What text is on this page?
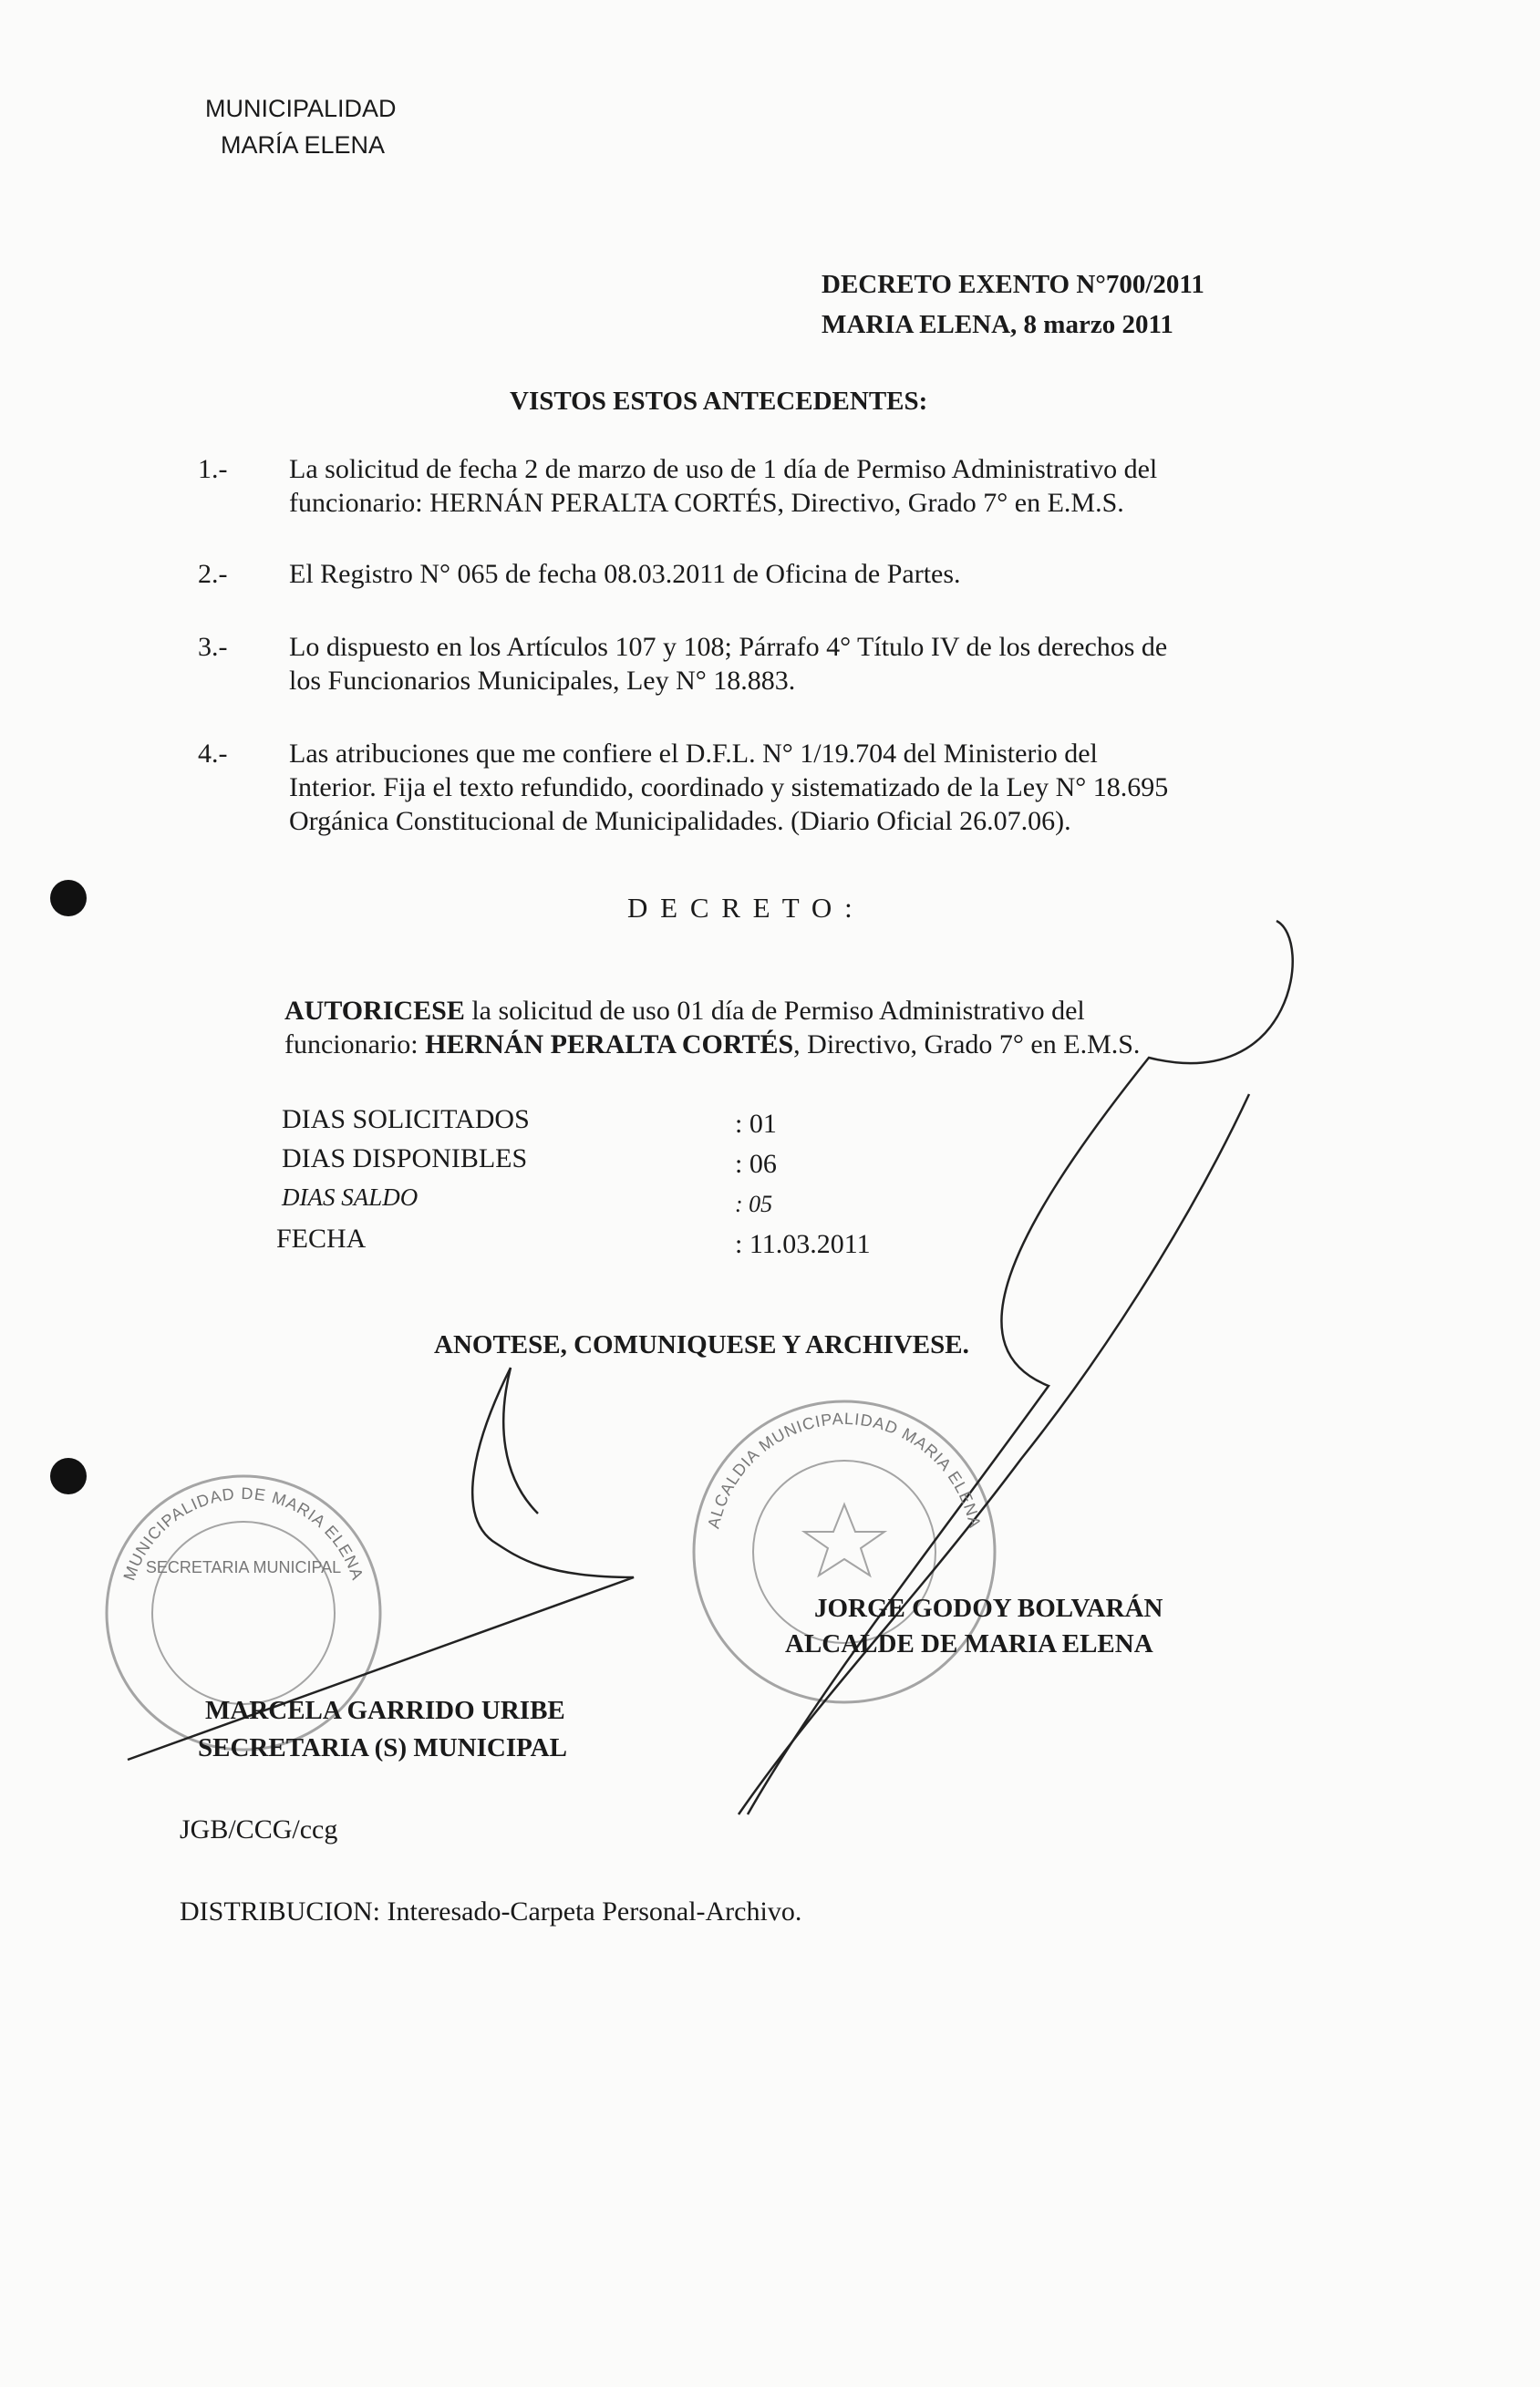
MUNICIPALIDAD
MARÍA ELENA
DECRETO EXENTO N°700/2011
MARIA ELENA, 8 marzo 2011
VISTOS ESTOS ANTECEDENTES:
1.- La solicitud de fecha 2 de marzo de uso de 1 día de Permiso Administrativo del
funcionario: HERNÁN PERALTA CORTÉS, Directivo, Grado 7° en E.M.S.
2.- El Registro N° 065 de fecha 08.03.2011 de Oficina de Partes.
3.- Lo dispuesto en los Artículos 107 y 108; Párrafo 4° Título IV de los derechos de
los Funcionarios Municipales, Ley N° 18.883.
4.- Las atribuciones que me confiere el D.F.L. N° 1/19.704 del Ministerio del
Interior. Fija el texto refundido, coordinado y sistematizado de la Ley N° 18.695
Orgánica Constitucional de Municipalidades. (Diario Oficial 26.07.06).
D E C R E T O :
AUTORICESE la solicitud de uso 01 día de Permiso Administrativo del
funcionario: HERNÁN PERALTA CORTÉS, Directivo, Grado 7° en E.M.S.
DIAS SOLICITADOS	: 01
DIAS DISPONIBLES	: 06
DIAS SALDO	: 05
FECHA	: 11.03.2011
ANOTESE, COMUNIQUESE Y ARCHIVESE.
MUNICIPALIDAD DE MARIA ELENA
SECRETARIA MUNICIPAL
ALCALDIA MUNICIPALIDAD MARIA ELENA
MARCELA GARRIDO URIBE
SECRETARIA (S) MUNICIPAL
JORGE GODOY BOLVARÁN
ALCALDE DE MARIA ELENA
JGB/CCG/ccg
DISTRIBUCION: Interesado-Carpeta Personal-Archivo.
